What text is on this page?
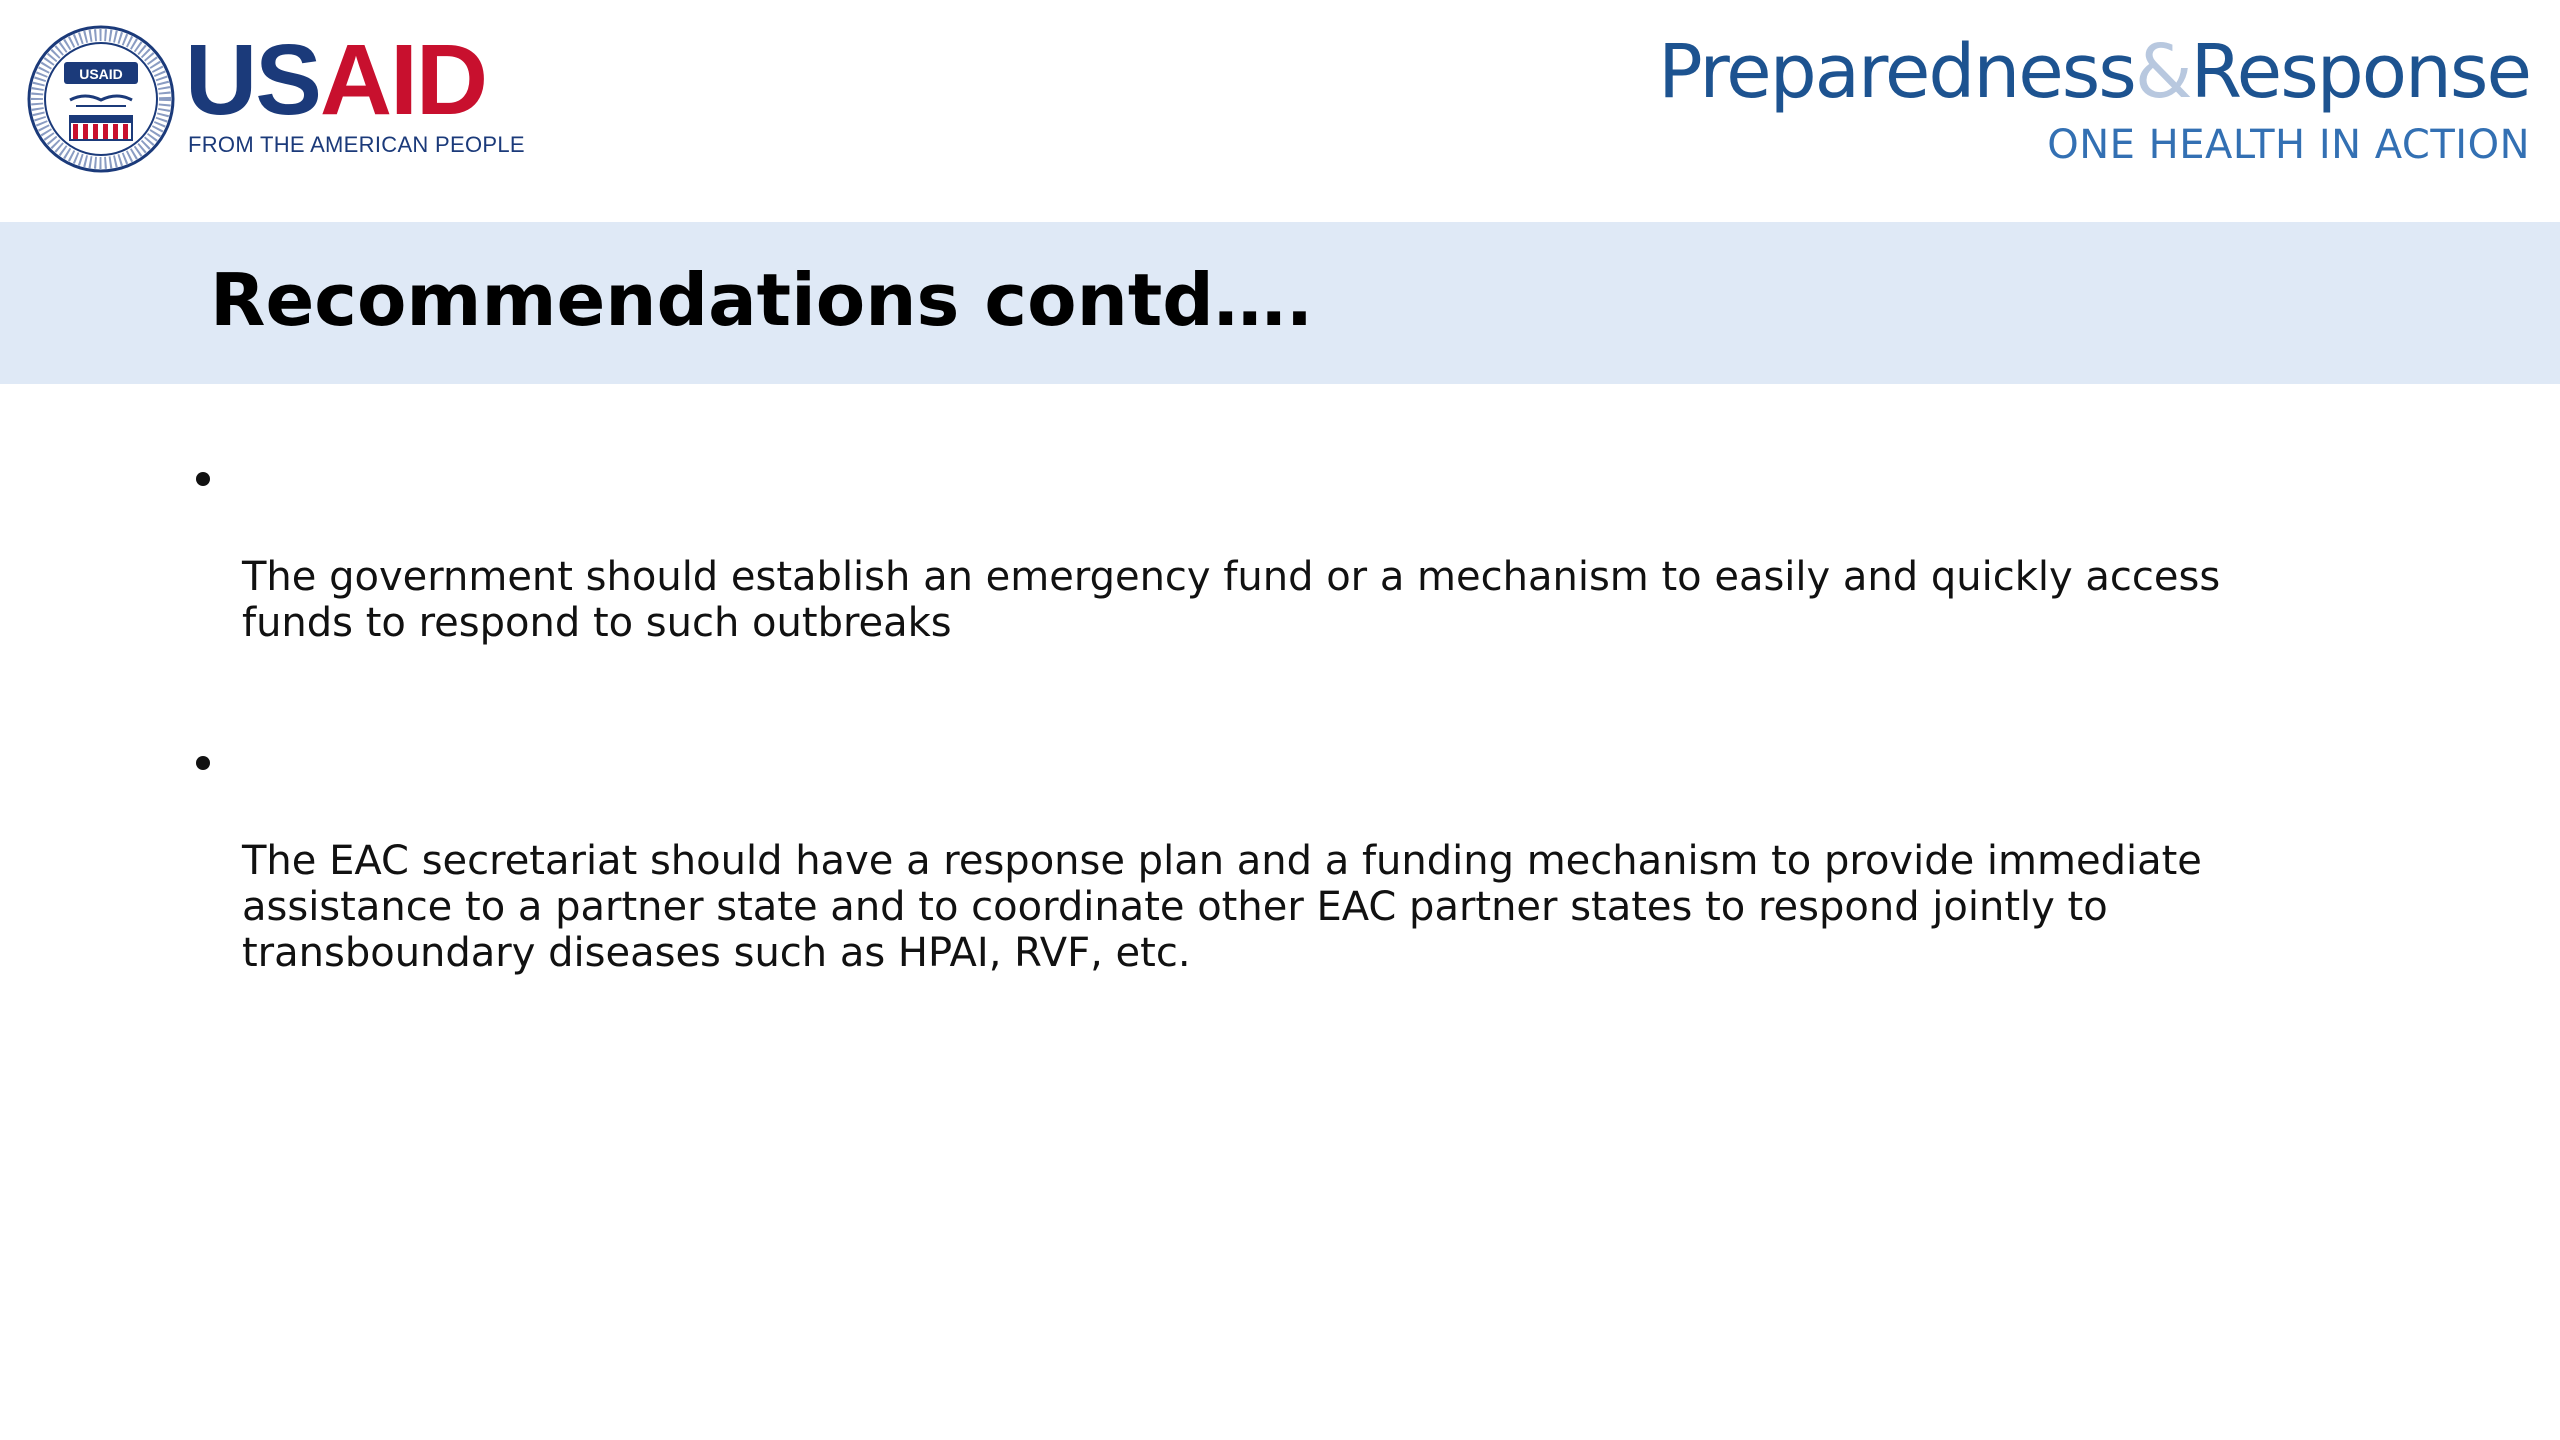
USAID USAID
FROM THE AMERICAN PEOPLE
Preparedness&Response
ONE HEALTH IN ACTION
Recommendations contd….

The government should establish an emergency fund or a mechanism to easily and quickly access
funds to respond to such outbreaks

The EAC secretariat should have a response plan and a funding mechanism to provide immediate
assistance to a partner state and to coordinate other EAC partner states to respond jointly to
transboundary diseases such as HPAI, RVF, etc.
